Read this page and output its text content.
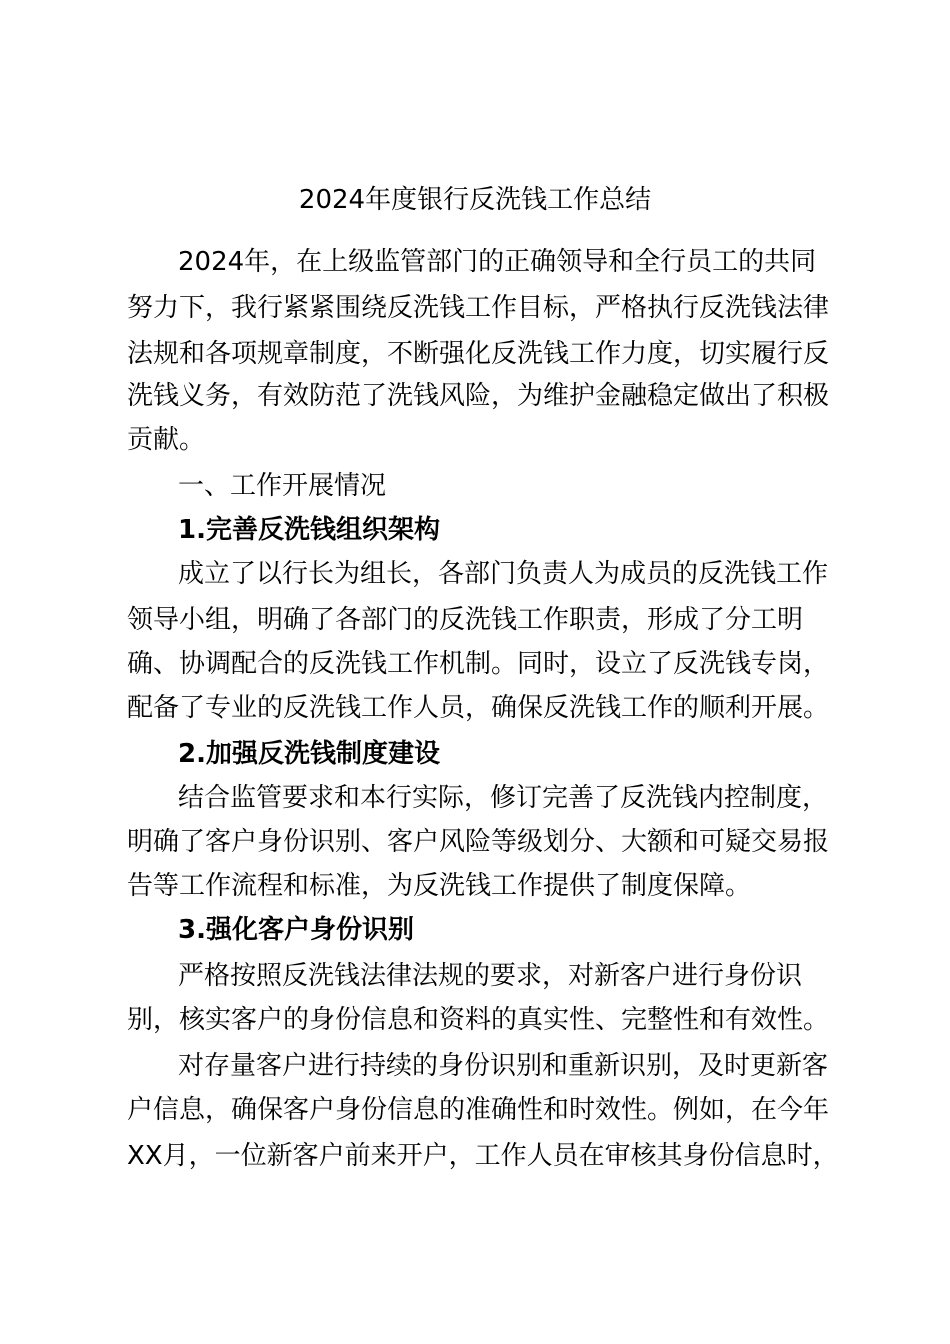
2024年度银行反洗钱工作总结
2024年，在上级监管部门的正确领导和全行员工的共同
努力下，我行紧紧围绕反洗钱工作目标，严格执行反洗钱法律
法规和各项规章制度，不断强化反洗钱工作力度，切实履行反
洗钱义务，有效防范了洗钱风险，为维护金融稳定做出了积极
贡献。
一、工作开展情况
1.完善反洗钱组织架构
成立了以行长为组长，各部门负责人为成员的反洗钱工作
领导小组，明确了各部门的反洗钱工作职责，形成了分工明
确、协调配合的反洗钱工作机制。同时，设立了反洗钱专岗，
配备了专业的反洗钱工作人员，确保反洗钱工作的顺利开展。
2.加强反洗钱制度建设
结合监管要求和本行实际，修订完善了反洗钱内控制度，
明确了客户身份识别、客户风险等级划分、大额和可疑交易报
告等工作流程和标准，为反洗钱工作提供了制度保障。
3.强化客户身份识别
严格按照反洗钱法律法规的要求，对新客户进行身份识
别，核实客户的身份信息和资料的真实性、完整性和有效性。
对存量客户进行持续的身份识别和重新识别，及时更新客
户信息，确保客户身份信息的准确性和时效性。例如，在今年
XX月，一位新客户前来开户，工作人员在审核其身份信息时，
